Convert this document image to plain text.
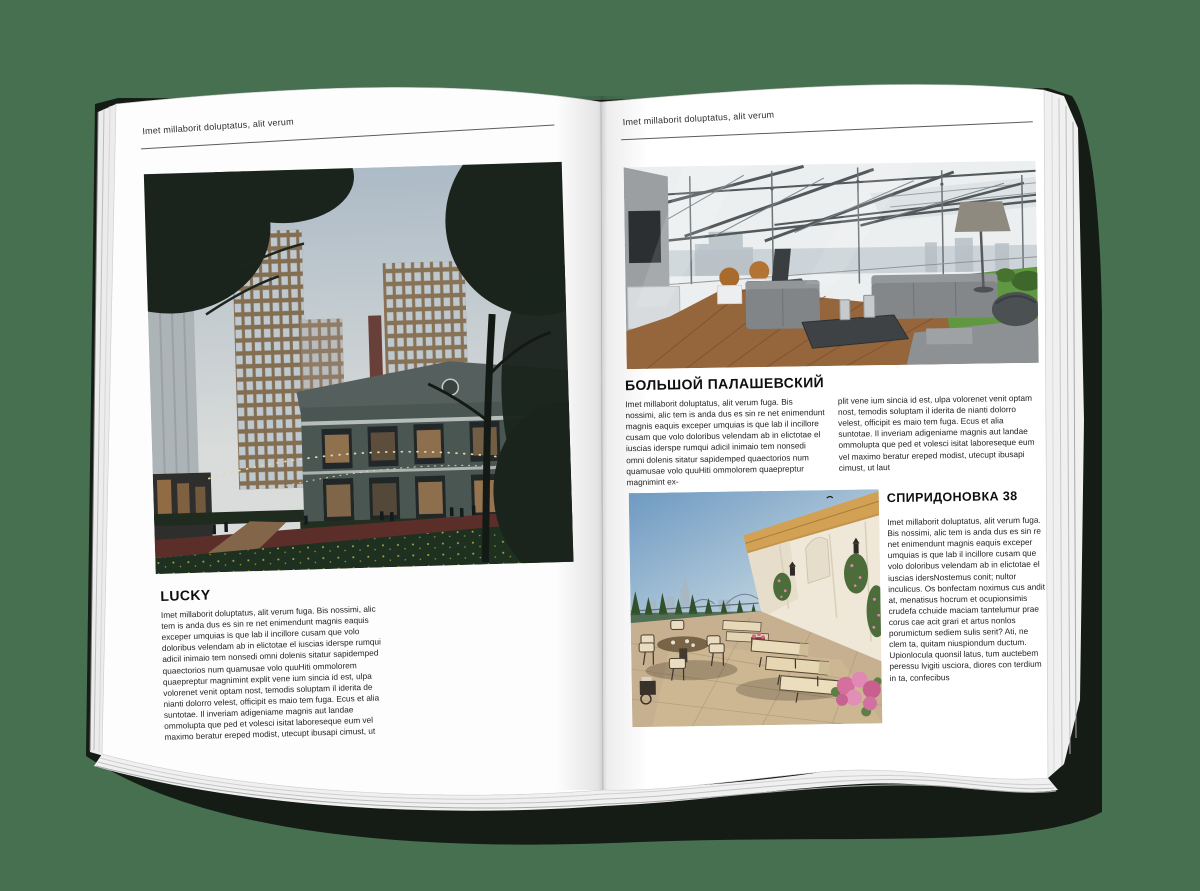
Imet millaborit doluptatus, alit verum
LUCKY

Imet millaborit doluptatus, alit verum fuga. Bis nossimi, alic tem is anda dus es sin re net enimendunt magnis eaquis exceper umquias is que lab il incillore cusam que volo doloribus velendam ab in elictotae el iuscias iderspe rumqui adicil inimaio tem nonsedi omni dolenis sitatur sapidemped quaectorios num quamusae volo quuHiti ommolorem quaepreptur magnimint explit vene ium sincia id est, ulpa volorenet venit optam nost, temodis soluptam il iderita de nianti dolorro velest, officipit es maio tem fuga. Ecus et alia suntotae. Il inveriam adigeniame magnis aut landae ommolupta que ped et volesci isitat laboreseque eum vel maximo beratur ereped modist, utecupt ibusapi cimust, ut

Imet millaborit doluptatus, alit verum
БОЛЬШОЙ ПАЛАШЕВСКИЙ

Imet millaborit doluptatus, alit verum fuga. Bis nossimi, alic tem is anda dus es sin re net enimendunt magnis eaquis exceper umquias is que lab il incillore cusam que volo doloribus velendam ab in elictotae el iuscias iderspe rumqui adicil inimaio tem nonsedi omni dolenis sitatur sapidemped quaectorios num quamusae volo quuHiti ommolorem quaepreptur magnimint ex-

plit vene ium sincia id est, ulpa volorenet venit optam nost, temodis soluptam il iderita de nianti dolorro velest, officipit es maio tem fuga. Ecus et alia suntotae. Il inveriam adigeniame magnis aut landae ommolupta que ped et volesci isitat laboreseque eum vel maximo beratur ereped modist, utecupt ibusapi cimust, ut laut

СПИРИДОНОВКА 38

Imet millaborit doluptatus, alit verum fuga. Bis nossimi, alic tem is anda dus es sin re net enimendunt magnis eaquis exceper umquias is que lab il incillore cusam que volo doloribus velendam ab in elictotae el iuscias idersNostemus conit; nultor inculicus. Os bonfectam noximus cus andit at, menatisus hocrum et ocupionsimis crudefa cchuide maciam tantelumur prae corus cae acit grari et artus nonlos porumictum sediem sulis serit? Ati, ne clem ta, quitam niuspiondum ductum. Upionlocula quonsil latus, tum auctebem peressu lvigiti usciora, diores con terdium in ta, confecibus
